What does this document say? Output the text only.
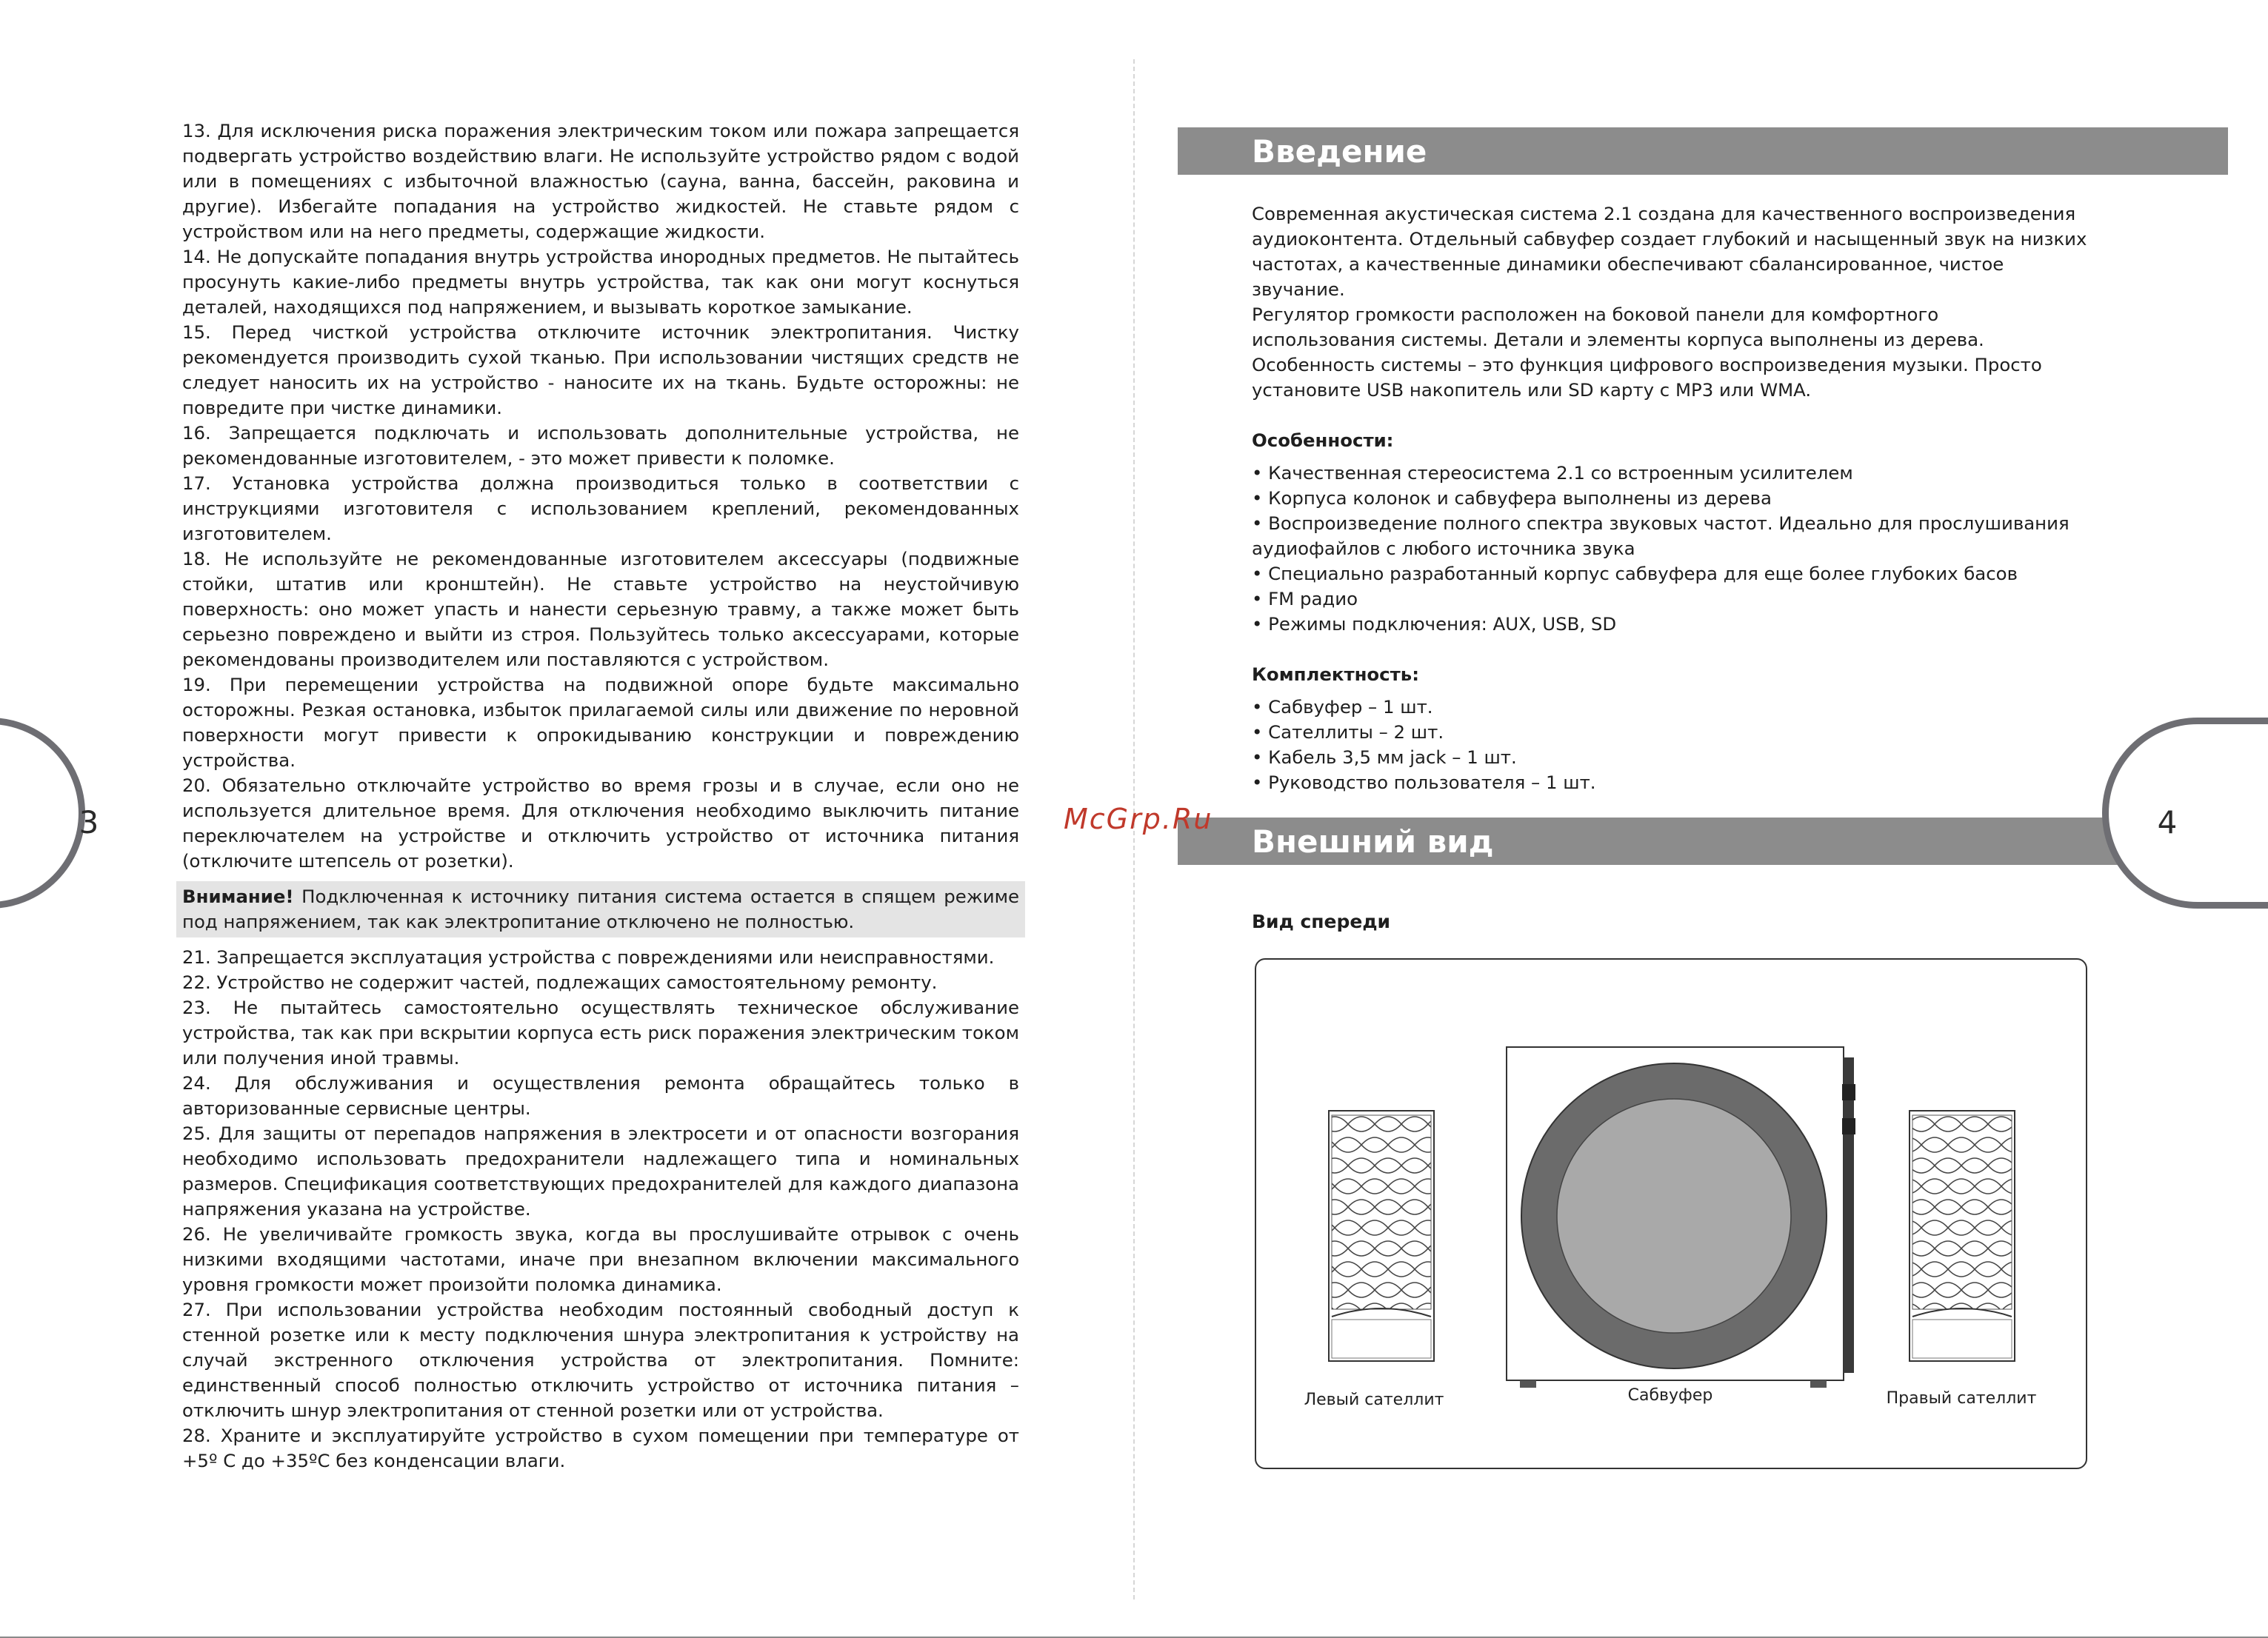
13. Для исключения риска поражения электрическим током или пожара запрещается подвергать устройство воздействию влаги. Не используйте устройство рядом с водой или в помещениях с избыточной влажностью (сауна, ванна, бассейн, раковина и другие). Избегайте попадания на устройство жидкостей. Не ставьте рядом с устройством или на него предметы, содержащие жидкости.

14. Не допускайте попадания внутрь устройства инородных предметов. Не пытайтесь просунуть какие-либо предметы внутрь устройства, так как они могут коснуться деталей, находящихся под напряжением, и вызывать короткое замыкание.

15. Перед чисткой устройства отключите источник электропитания. Чистку рекомендуется производить сухой тканью. При использовании чистящих средств не следует наносить их на устройство - наносите их на ткань. Будьте осторожны: не повредите при чистке динамики.

16. Запрещается подключать и использовать дополнительные устройства, не рекомендованные изготовителем, - это может привести к поломке.

17. Установка устройства должна производиться только в соответствии с инструкциями изготовителя с использованием креплений, рекомендованных изготовителем.

18. Не используйте не рекомендованные изготовителем аксессуары (подвижные стойки, штатив или кронштейн). Не ставьте устройство на неустойчивую поверхность: оно может упасть и нанести серьезную травму, а также может быть серьезно повреждено и выйти из строя. Пользуйтесь только аксессуарами, которые рекомендованы производителем или поставляются с устройством.

19. При перемещении устройства на подвижной опоре будьте максимально осторожны. Резкая остановка, избыток прилагаемой силы или движение по неровной поверхности могут привести к опрокидыванию конструкции и повреждению устройства.

20. Обязательно отключайте устройство во время грозы и в случае, если оно не используется длительное время. Для отключения необходимо выключить питание переключателем на устройстве и отключить устройство от источника питания (отключите штепсель от розетки).

Внимание! Подключенная к источнику питания система остается в спящем режиме под напряжением, так как электропитание отключено не полностью.

21. Запрещается эксплуатация устройства с повреждениями или неисправностями.

22. Устройство не содержит частей, подлежащих самостоятельному ремонту.

23. Не пытайтесь самостоятельно осуществлять техническое обслуживание устройства, так как при вскрытии корпуса есть риск поражения электрическим током или получения иной травмы.

24. Для обслуживания и осуществления ремонта обращайтесь только в авторизованные сервисные центры.

25. Для защиты от перепадов напряжения в электросети и от опасности возгорания необходимо использовать предохранители надлежащего типа и номинальных размеров. Спецификация соответствующих предохранителей для каждого диапазона напряжения указана на устройстве.

26. Не увеличивайте громкость звука, когда вы прослушивайте отрывок с очень низкими входящими частотами, иначе при внезапном включении максимального уровня громкости может произойти поломка динамика.

27. При использовании устройства необходим постоянный свободный доступ к стенной розетке или к месту подключения шнура электропитания к устройству на случай экстренного отключения устройства от электропитания. Помните: единственный способ полностью отключить устройство от источника питания – отключить шнур электропитания от стенной розетки или от устройства.

28. Храните и эксплуатируйте устройство в сухом помещении при температуре от +5º С до +35ºC без конденсации влаги.

3
Введение

Современная акустическая система 2.1 создана для качественного воспроизведения аудиоконтента. Отдельный сабвуфер создает глубокий и насыщенный звук на низких частотах, а качественные динамики обеспечивают сбалансированное, чистое звучание.

Регулятор громкости расположен на боковой панели для комфортного использования системы. Детали и элементы корпуса выполнены из дерева.

Особенность системы – это функция цифрового воспроизведения музыки. Просто установите USB накопитель или SD карту с MP3 или WMA.

Особенности:

• Качественная стереосистема 2.1 со встроенным усилителем

• Корпуса колонок и сабвуфера выполнены из дерева

• Воспроизведение полного спектра звуковых частот. Идеально для прослушивания аудиофайлов с любого источника звука

• Специально разработанный корпус сабвуфера для еще более глубоких басов

• FM радио

• Режимы подключения: AUX, USB, SD

Комплектность:

• Сабвуфер – 1 шт.

• Сателлиты – 2 шт.

• Кабель 3,5 мм jack – 1 шт.

• Руководство пользователя – 1 шт.

Внешний вид
4
McGrp.Ru
Вид спереди
Левый сателлит	Сабвуфер	Правый сателлит
